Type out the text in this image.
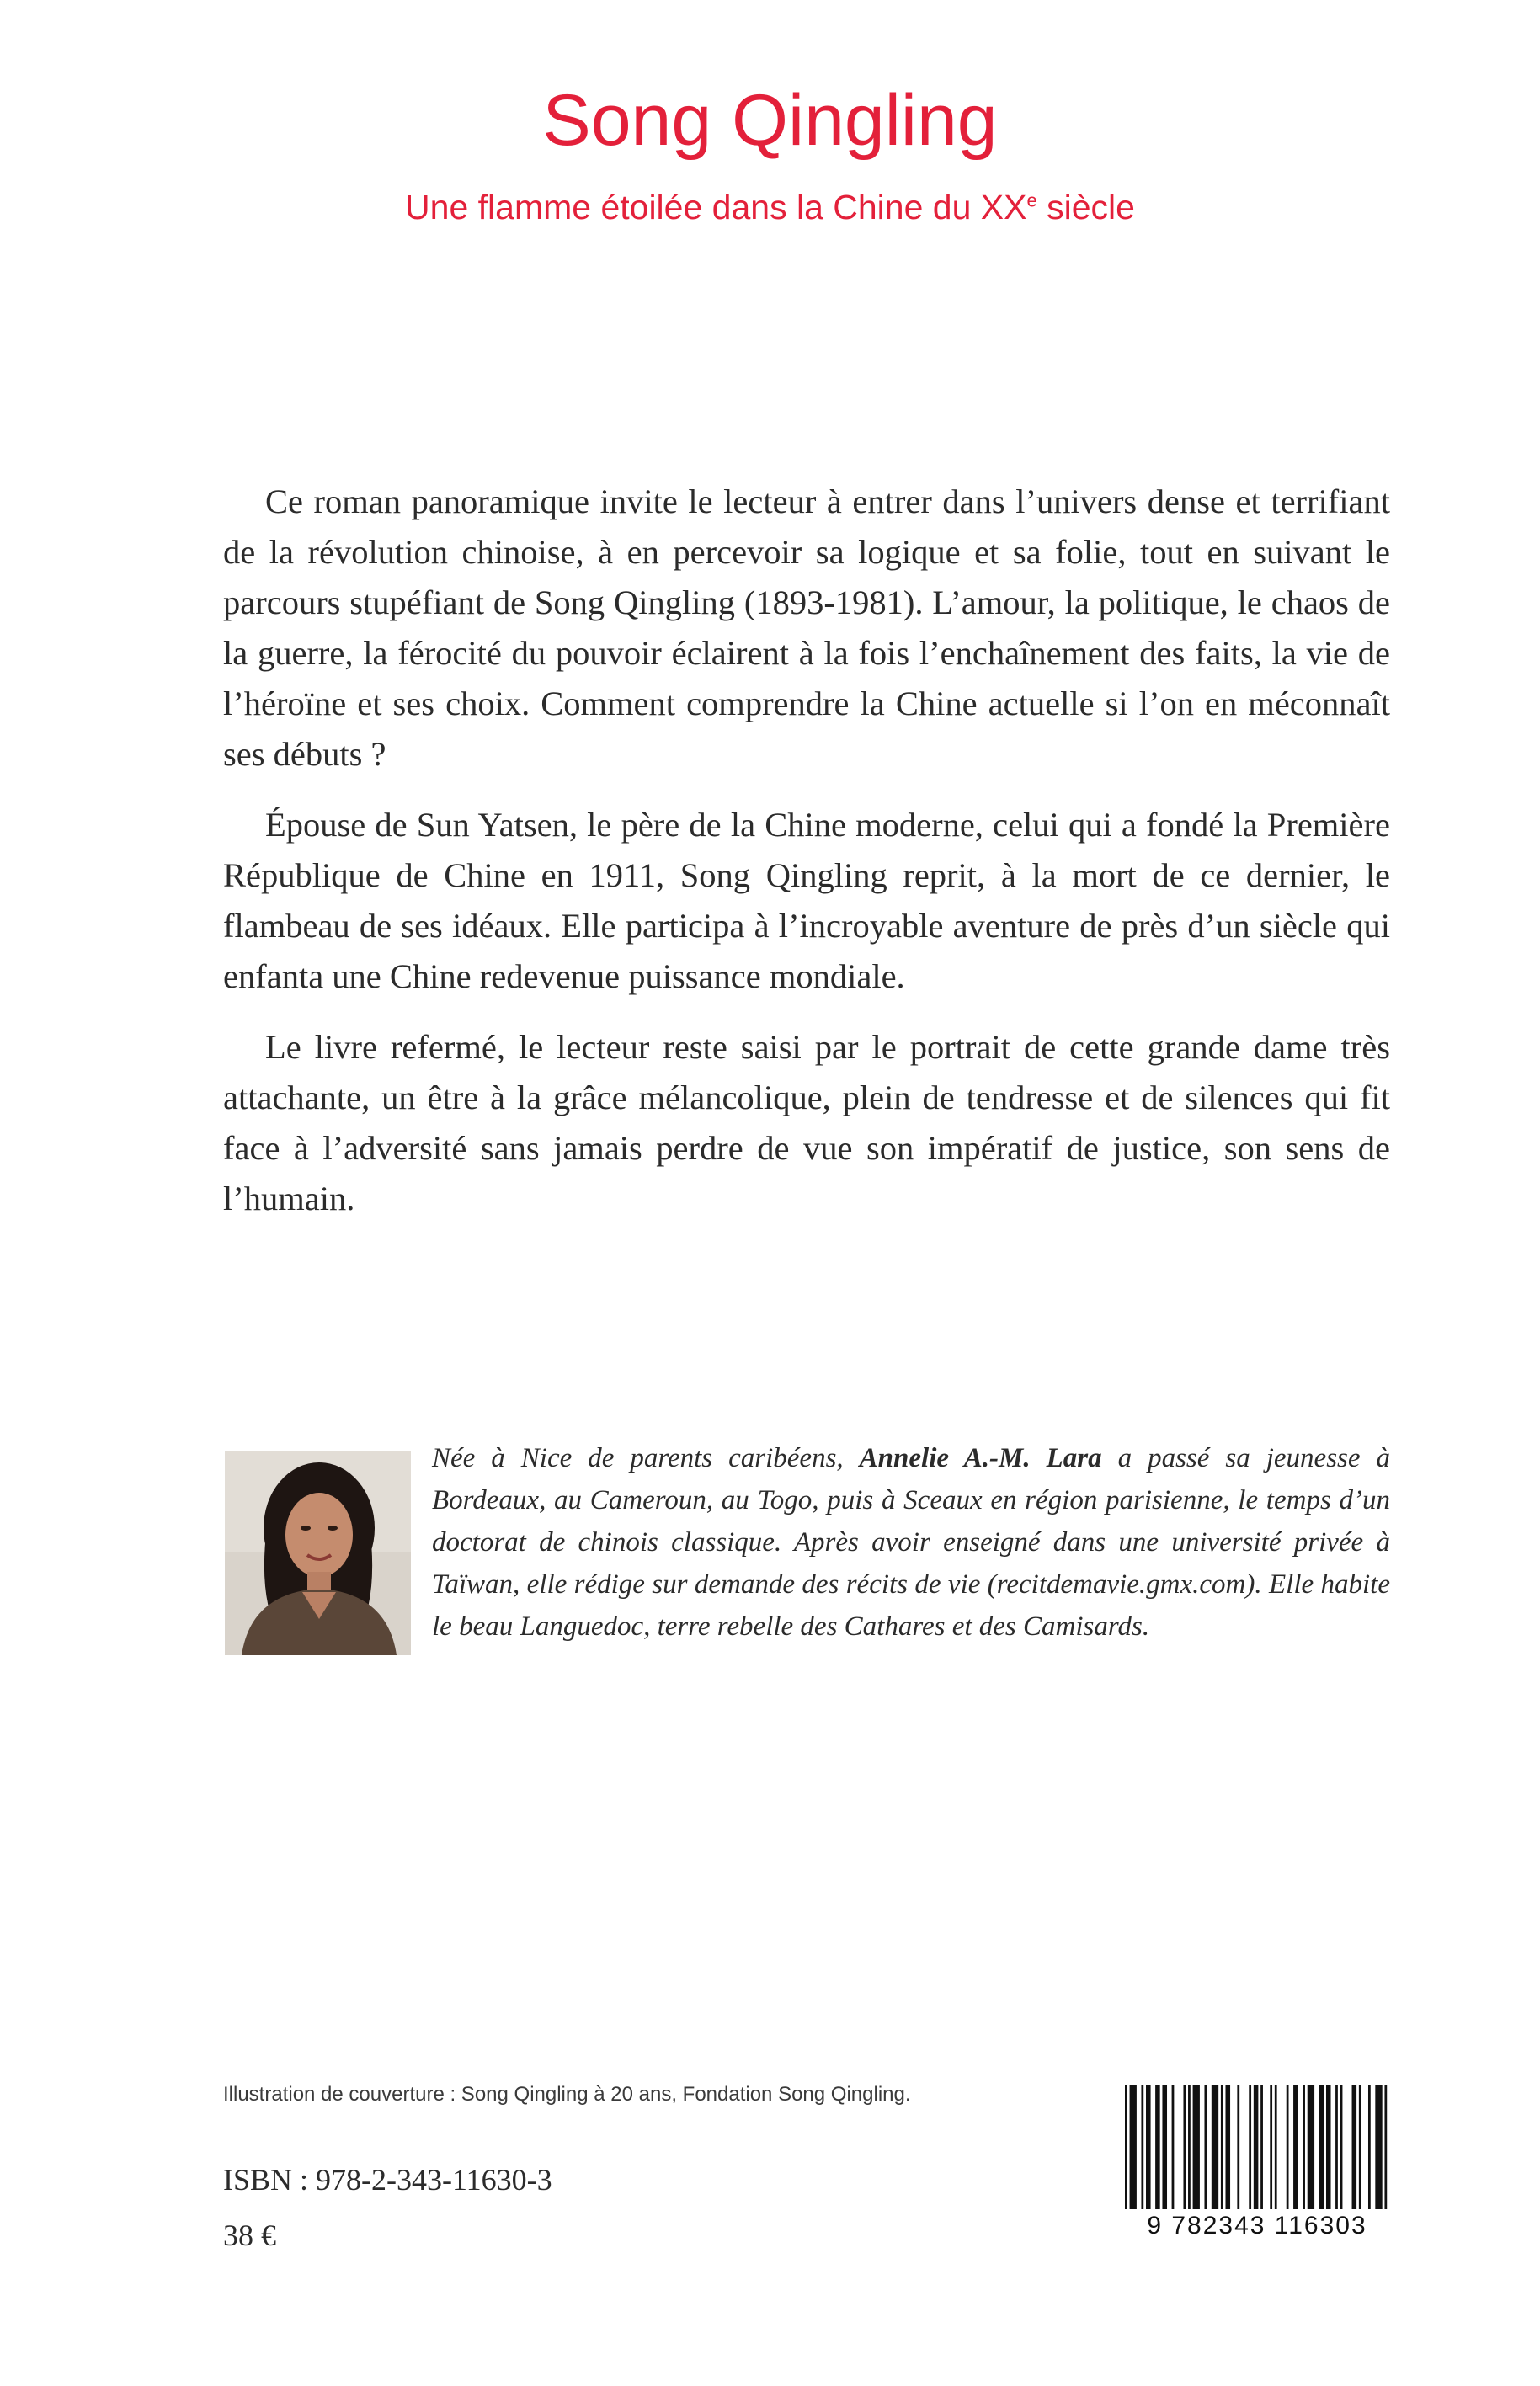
Song Qingling

Une flamme étoilée dans la Chine du XXe siècle

Ce roman panoramique invite le lecteur à entrer dans l’univers dense et terrifiant de la révolution chinoise, à en percevoir sa logique et sa folie, tout en suivant le parcours stupéfiant de Song Qingling (1893-1981). L’amour, la politique, le chaos de la guerre, la férocité du pouvoir éclairent à la fois l’enchaînement des faits, la vie de l’héroïne et ses choix. Comment comprendre la Chine actuelle si l’on en méconnaît ses débuts ?

Épouse de Sun Yatsen, le père de la Chine moderne, celui qui a fondé la Première République de Chine en 1911, Song Qingling reprit, à la mort de ce dernier, le flambeau de ses idéaux. Elle participa à l’incroyable aventure de près d’un siècle qui enfanta une Chine redevenue puissance mondiale.

Le livre refermé, le lecteur reste saisi par le portrait de cette grande dame très attachante, un être à la grâce mélancolique, plein de tendresse et de silences qui fit face à l’adversité sans jamais perdre de vue son impératif de justice, son sens de l’humain.

Née à Nice de parents caribéens, Annelie A.-M. Lara a passé sa jeunesse à Bordeaux, au Cameroun, au Togo, puis à Sceaux en région parisienne, le temps d’un doctorat de chinois classique. Après avoir enseigné dans une université privée à Taïwan, elle rédige sur demande des récits de vie (recitdemavie.gmx.com). Elle habite le beau Languedoc, terre rebelle des Cathares et des Camisards.

Illustration de couverture : Song Qingling à 20 ans, Fondation Song Qingling.

ISBN : 978-2-343-11630-3

38 €	9 782343 116303
